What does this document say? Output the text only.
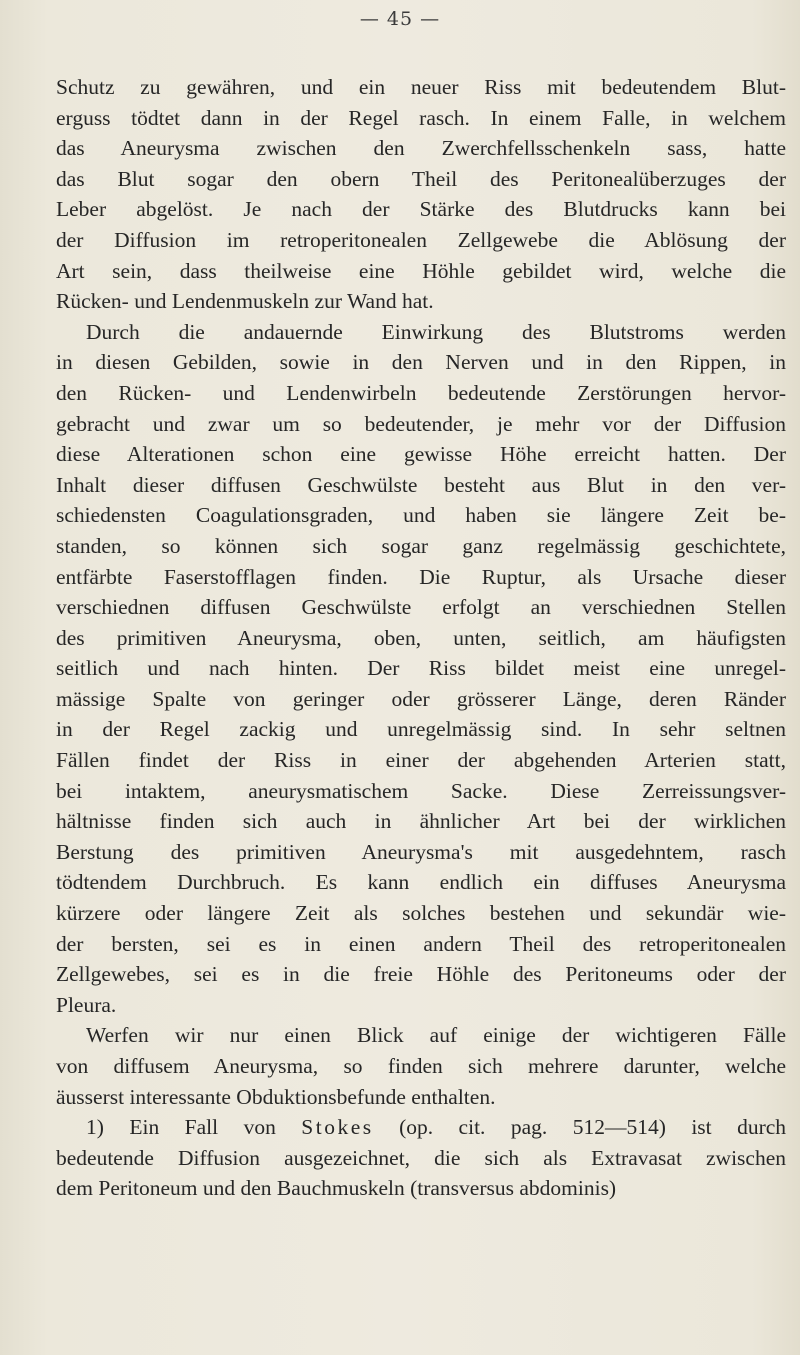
— 45 —
Schutz zu gewähren, und ein neuer Riss mit bedeutendem Blut-
erguss tödtet dann in der Regel rasch. In einem Falle, in welchem
das Aneurysma zwischen den Zwerchfellsschenkeln sass, hatte
das Blut sogar den obern Theil des Peritonealüberzuges der
Leber abgelöst. Je nach der Stärke des Blutdrucks kann bei
der Diffusion im retroperitonealen Zellgewebe die Ablösung der
Art sein, dass theilweise eine Höhle gebildet wird, welche die
Rücken- und Lendenmuskeln zur Wand hat.
Durch die andauernde Einwirkung des Blutstroms werden
in diesen Gebilden, sowie in den Nerven und in den Rippen, in
den Rücken- und Lendenwirbeln bedeutende Zerstörungen hervor-
gebracht und zwar um so bedeutender, je mehr vor der Diffusion
diese Alterationen schon eine gewisse Höhe erreicht hatten. Der
Inhalt dieser diffusen Geschwülste besteht aus Blut in den ver-
schiedensten Coagulationsgraden, und haben sie längere Zeit be-
standen, so können sich sogar ganz regelmässig geschichtete,
entfärbte Faserstofflagen finden. Die Ruptur, als Ursache dieser
verschiednen diffusen Geschwülste erfolgt an verschiednen Stellen
des primitiven Aneurysma, oben, unten, seitlich, am häufigsten
seitlich und nach hinten. Der Riss bildet meist eine unregel-
mässige Spalte von geringer oder grösserer Länge, deren Ränder
in der Regel zackig und unregelmässig sind. In sehr seltnen
Fällen findet der Riss in einer der abgehenden Arterien statt,
bei intaktem, aneurysmatischem Sacke. Diese Zerreissungsver-
hältnisse finden sich auch in ähnlicher Art bei der wirklichen
Berstung des primitiven Aneurysma's mit ausgedehntem, rasch
tödtendem Durchbruch. Es kann endlich ein diffuses Aneurysma
kürzere oder längere Zeit als solches bestehen und sekundär wie-
der bersten, sei es in einen andern Theil des retroperitonealen
Zellgewebes, sei es in die freie Höhle des Peritoneums oder der
Pleura.
Werfen wir nur einen Blick auf einige der wichtigeren Fälle
von diffusem Aneurysma, so finden sich mehrere darunter, welche
äusserst interessante Obduktionsbefunde enthalten.
1) Ein Fall von Stokes (op. cit. pag. 512—514) ist durch
bedeutende Diffusion ausgezeichnet, die sich als Extravasat zwischen
dem Peritoneum und den Bauchmuskeln (transversus abdominis)
